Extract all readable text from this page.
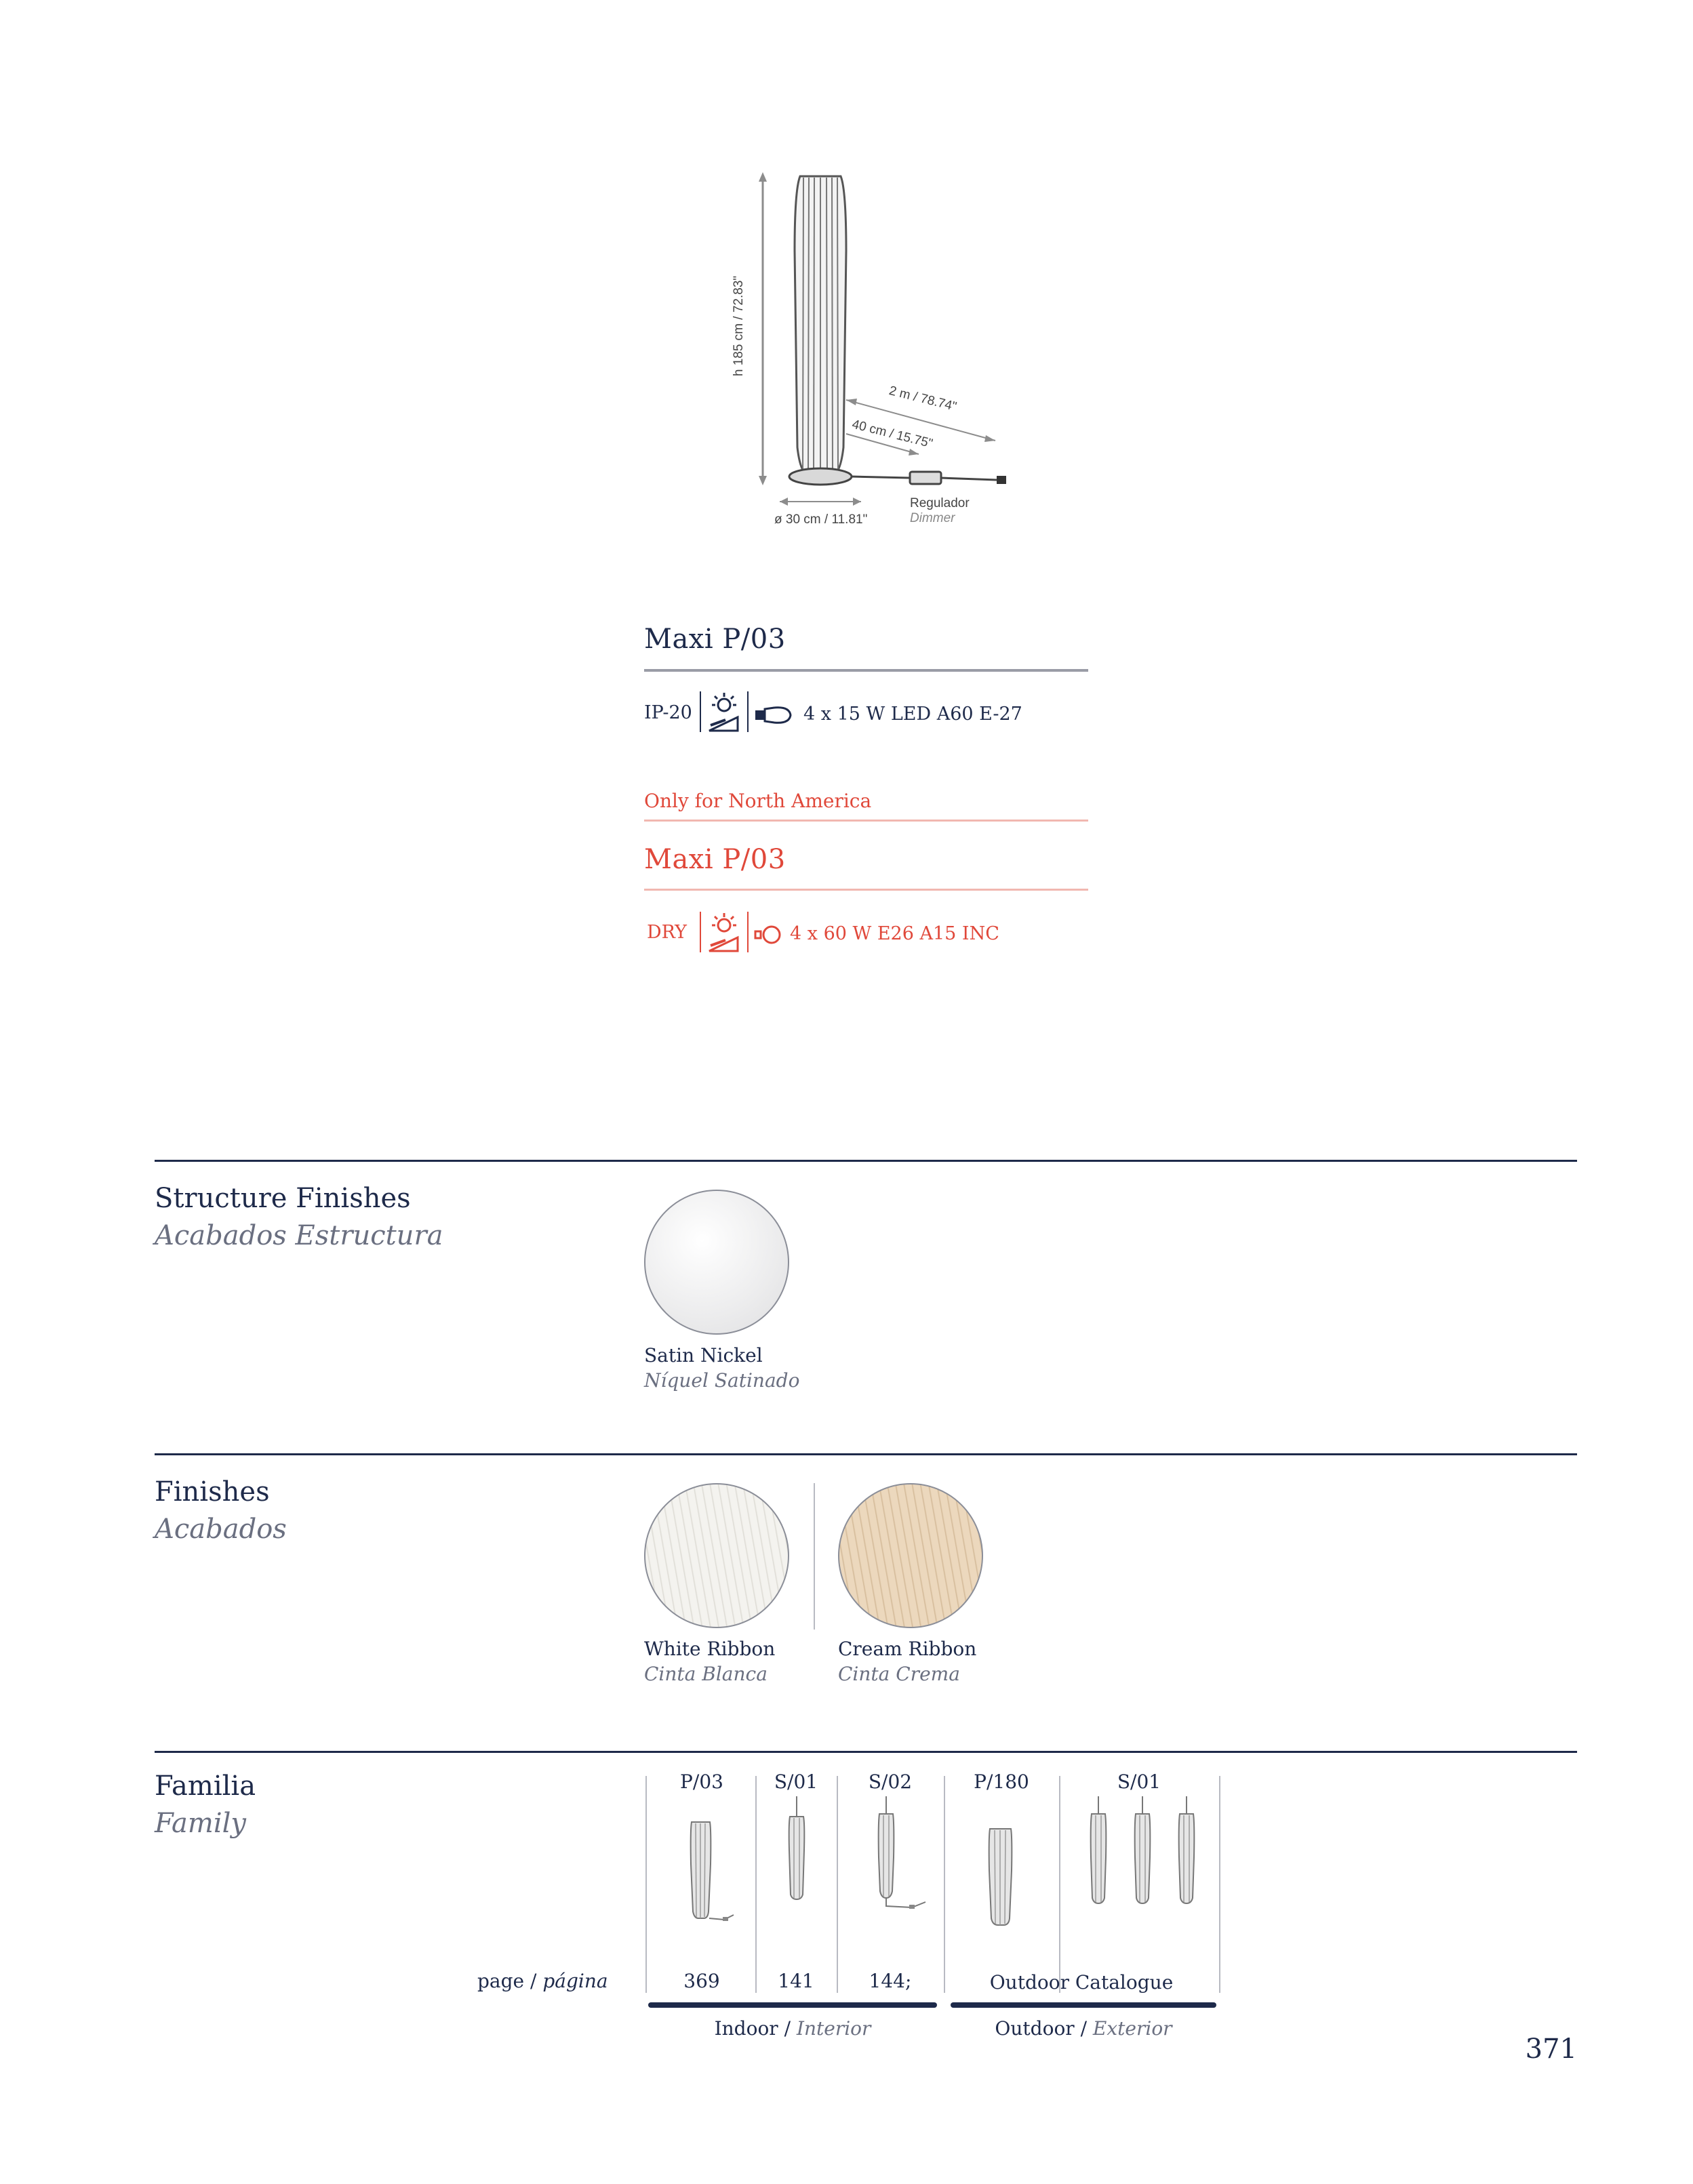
h 185 cm / 72.83"
2 m / 78.74"
40 cm / 15.75"
ø 30 cm / 11.81"
Regulador
Dimmer
Maxi P/03
IP-20	4 x 15 W LED A60 E-27
Only for North America
Maxi P/03
DRY	4 x 60 W E26 A15 INC
Structure Finishes
Acabados Estructura
Satin Nickel
Níquel Satinado
Finishes
Acabados
White Ribbon
Cinta Blanca
Cream Ribbon
Cinta Crema
Familia
Family
P/03	S/01	S/02	P/180	S/01
page / página	369	141	144;	Outdoor Catalogue
Indoor / Interior	Outdoor / Exterior
371
